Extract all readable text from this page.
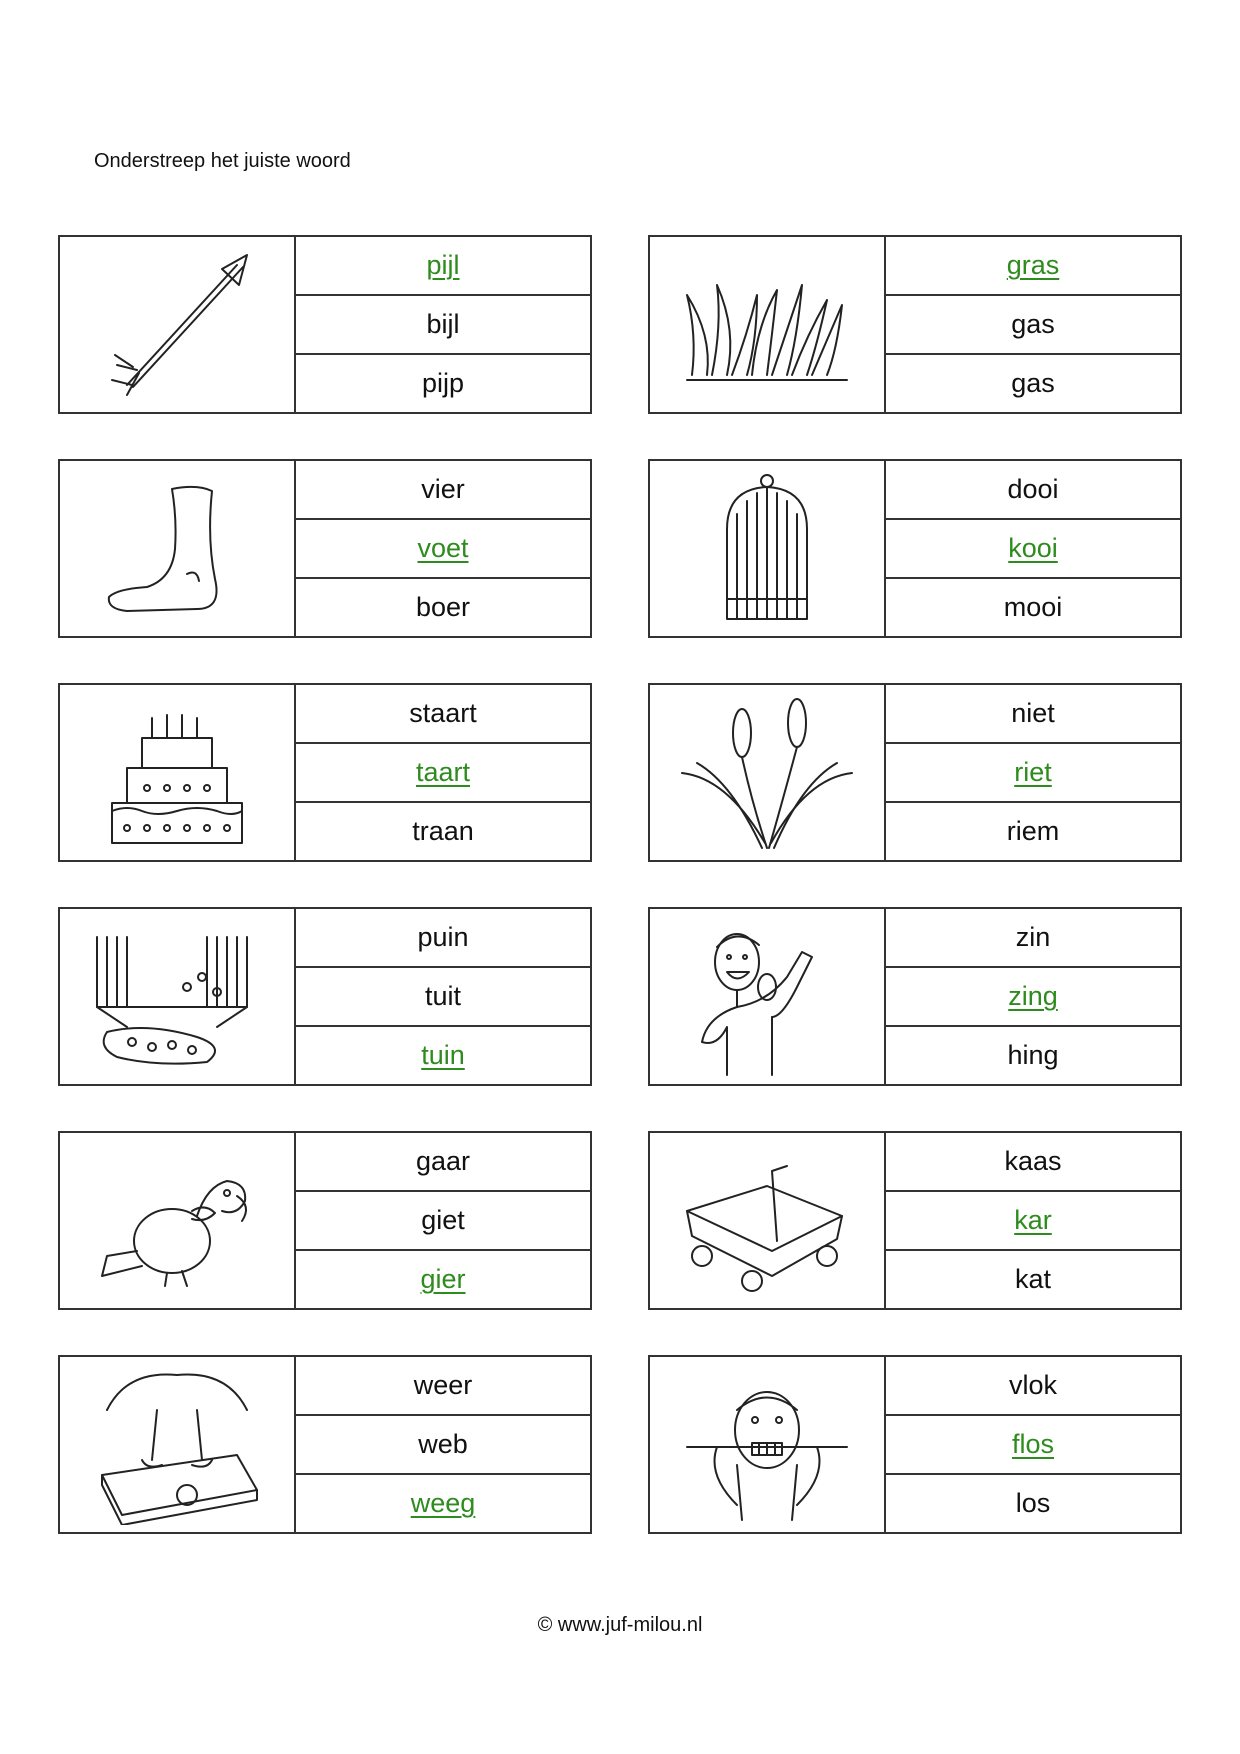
Onderstreep het juiste woord
pijl
bijl
pijp
gras
gas
gas
vier
voet
boer
dooi
kooi
mooi
staart
taart
traan
niet
riet
riem
puin
tuit
tuin
zin
zing
hing
gaar
giet
gier
kaas
kar
kat
weer
web
weeg
vlok
flos
los
© www.juf-milou.nl
